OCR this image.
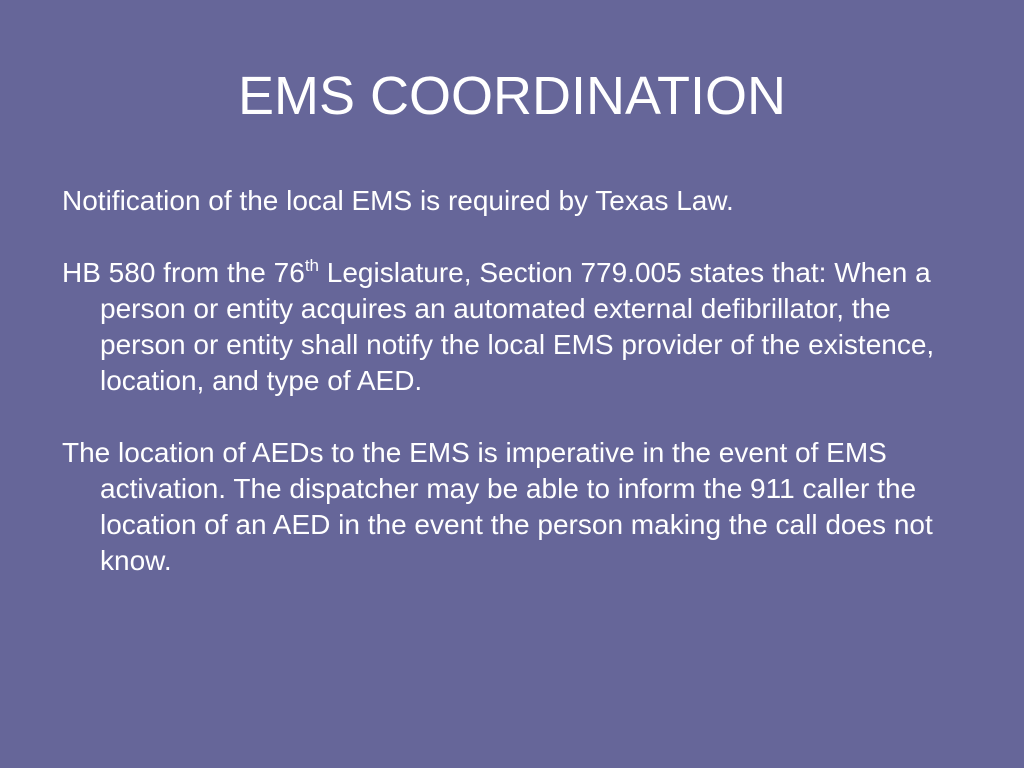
EMS COORDINATION

Notification of the local EMS is required by Texas Law.

HB 580 from the 76th Legislature, Section 779.005 states that: When a person or entity acquires an automated external defibrillator, the person or entity shall notify the local EMS provider of the existence, location, and type of AED.

The location of AEDs to the EMS is imperative in the event of EMS activation. The dispatcher may be able to inform the 911 caller the location of an AED in the event the person making the call does not know.
